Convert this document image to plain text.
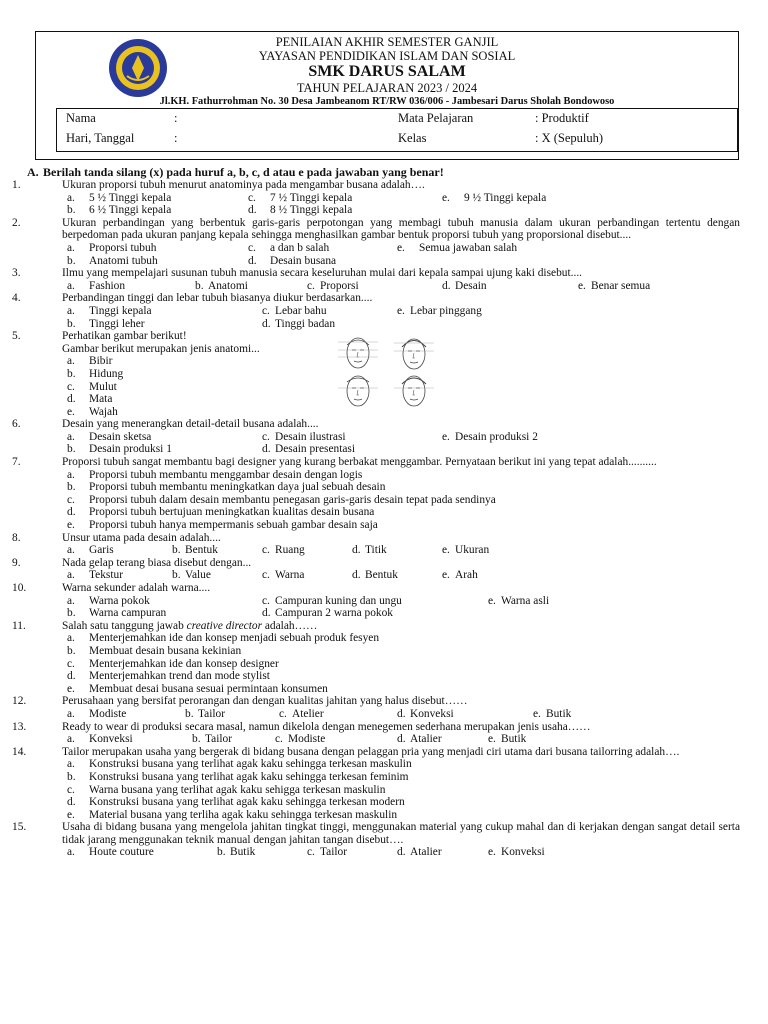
PENILAIAN AKHIR SEMESTER GANJIL
YAYASAN PENDIDIKAN ISLAM DAN SOSIAL
SMK DARUS SALAM
TAHUN PELAJARAN 2023 / 2024
Jl.KH. Fathurrohman No. 30 Desa Jambeanom RT/RW 036/006 - Jambesari Darus Sholah Bondowoso
Nama	:
Hari, Tanggal	:
Mata Pelajaran	: Produktif
Kelas	: X (Sepuluh)
A. Berilah tanda silang (x) pada huruf a, b, c, d atau e pada jawaban yang benar!
1.	Ukuran proporsi tubuh menurut anatominya pada mengambar busana adalah….
a. 5 ½ Tinggi kepala	c. 7 ½ Tinggi kepala	e. 9 ½ Tinggi kepala
b. 6 ½ Tinggi kepala	d. 8 ½ Tinggi kepala
2.	Ukuran perbandingan yang berbentuk garis-garis perpotongan yang membagi tubuh manusia dalam ukuran perbandingan tertentu dengan berpedoman pada ukuran panjang kepala sehingga menghasilkan gambar bentuk proporsi tubuh yang proporsional disebut....
a. Proporsi tubuh	c. a dan b salah	e. Semua jawaban salah
b. Anatomi tubuh	d. Desain busana
3.	Ilmu yang mempelajari susunan tubuh manusia secara keseluruhan mulai dari kepala sampai ujung kaki disebut....
a. Fashion	b. Anatomi	c. Proporsi	d. Desain	e. Benar semua
4.	Perbandingan tinggi dan lebar tubuh biasanya diukur berdasarkan....
a. Tinggi kepala	c. Lebar bahu	e. Lebar pinggang
b. Tinggi leher	d. Tinggi badan
5.	Perhatikan gambar berikut!
Gambar berikut merupakan jenis anatomi...
a. Bibir
b. Hidung
c. Mulut
d. Mata
e. Wajah
6.	Desain yang menerangkan detail-detail busana adalah....
a. Desain sketsa	c. Desain ilustrasi	e. Desain produksi 2
b. Desain produksi 1	d. Desain presentasi
7.	Proporsi tubuh sangat membantu bagi designer yang kurang berbakat menggambar. Pernyataan berikut ini yang tepat adalah..........
a. Proporsi tubuh membantu menggambar desain dengan logis
b. Proporsi tubuh membantu meningkatkan daya jual sebuah desain
c. Proporsi tubuh dalam desain membantu penegasan garis-garis desain tepat pada sendinya
d. Proporsi tubuh bertujuan meningkatkan kualitas desain busana
e. Proporsi tubuh hanya mempermanis sebuah gambar desain saja
8.	Unsur utama pada desain adalah....
a. Garis	b. Bentuk	c. Ruang	d. Titik	e. Ukuran
9.	Nada gelap terang biasa disebut dengan...
a. Tekstur	b. Value	c. Warna	d. Bentuk	e. Arah
10.	Warna sekunder adalah warna....
a. Warna pokok	c. Campuran kuning dan ungu	e. Warna asli
b. Warna campuran	d. Campuran 2 warna pokok
11.	Salah satu tanggung jawab creative director adalah……
a. Menterjemahkan ide dan konsep menjadi sebuah produk fesyen
b. Membuat desain busana kekinian
c. Menterjemahkan ide dan konsep designer
d. Menterjemahkan trend dan mode stylist
e. Membuat desai busana sesuai permintaan konsumen
12.	Perusahaan yang bersifat perorangan dan dengan kualitas jahitan yang halus disebut……
a. Modiste	b. Tailor	c. Atelier	d. Konveksi	e. Butik
13.	Ready to wear di produksi secara masal, namun dikelola dengan menegemen sederhana merupakan jenis usaha……
a. Konveksi	b. Tailor	c. Modiste	d. Atalier	e. Butik
14.	Tailor merupakan usaha yang bergerak di bidang busana dengan pelaggan pria yang menjadi ciri utama dari busana tailorring adalah….
a. Konstruksi busana yang terlihat agak kaku sehingga terkesan maskulin
b. Konstruksi busana yang terlihat agak kaku sehingga terkesan feminim
c. Warna busana yang terlihat agak kaku sehigga terkesan maskulin
d. Konstruksi busana yang terlihat agak kaku sehingga terkesan modern
e. Material busana yang terliha agak kaku sehingga terkesan maskulin
15.	Usaha di bidang busana yang mengelola jahitan tingkat tinggi, menggunakan material yang cukup mahal dan di kerjakan dengan sangat detail serta tidak jarang menggunakan teknik manual dengan jahitan tangan disebut….
a. Houte couture	b. Butik	c. Tailor	d. Atalier	e. Konveksi
